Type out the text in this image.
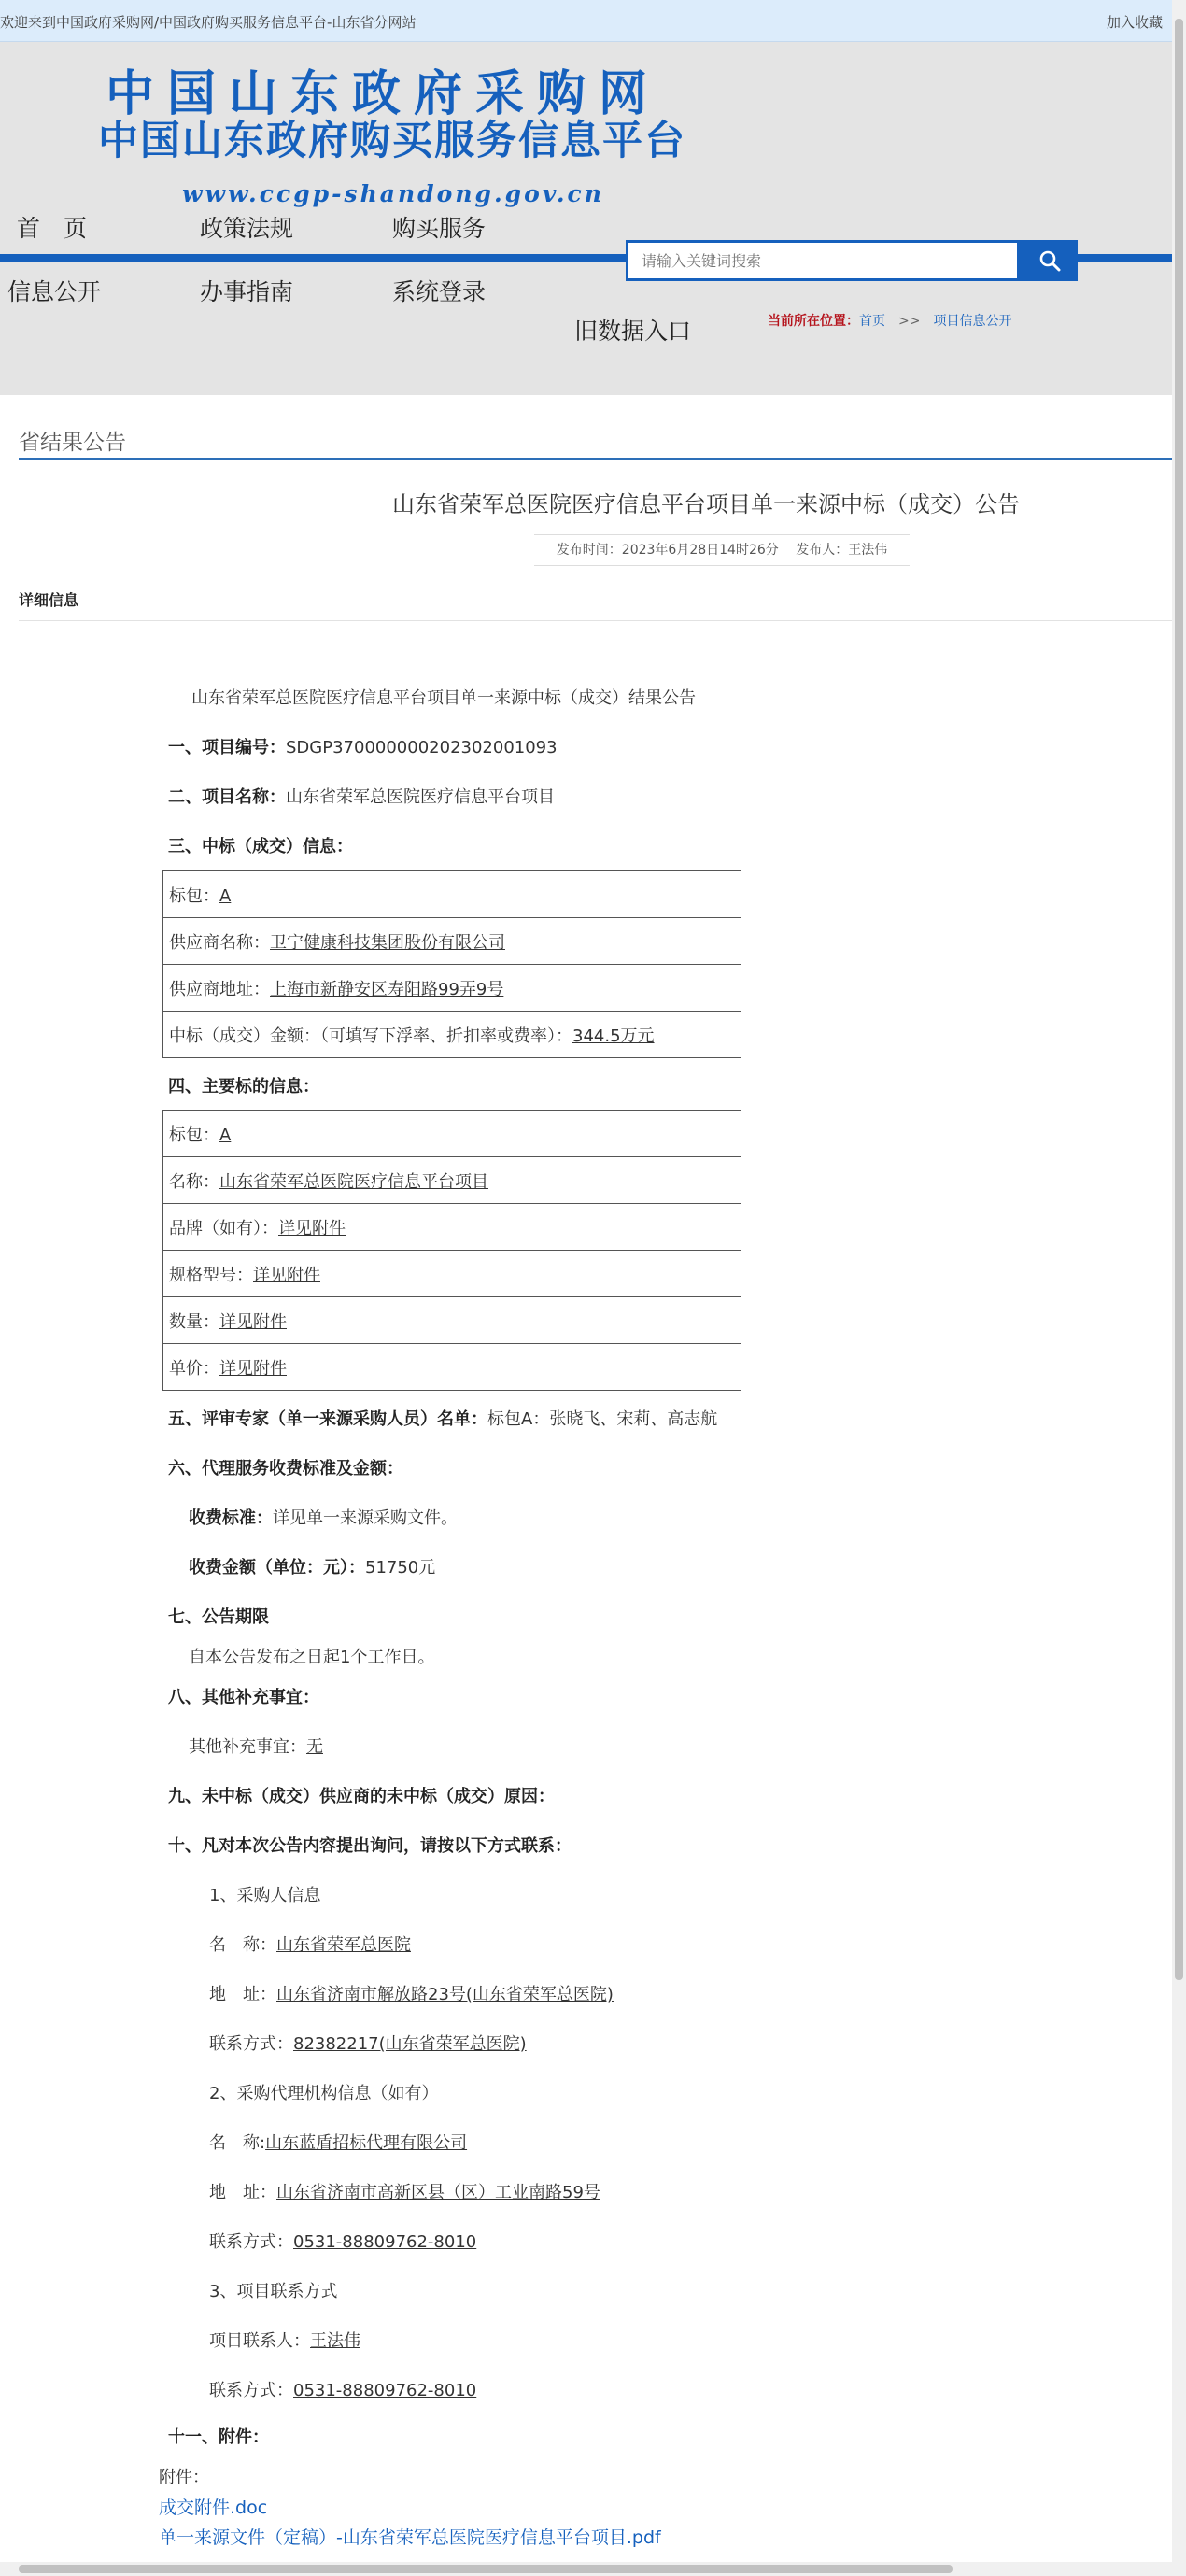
欢迎来到中国政府采购网/中国政府购买服务信息平台-山东省分网站	加入收藏
中国山东政府采购网
中国山东政府购买服务信息平台
www.ccgp-shandong.gov.cn
首　页	政策法规	购买服务
信息公开	办事指南	系统登录
旧数据入口
请输入关键词搜索	当前所在位置：首页 >> 项目信息公开
省结果公告
山东省荣军总医院医疗信息平台项目单一来源中标（成交）公告
发布时间：2023年6月28日14时26分　 发布人：王法伟
详细信息
山东省荣军总医院医疗信息平台项目单一来源中标（成交）结果公告
一、项目编号：SDGP370000000202302001093
二、项目名称：山东省荣军总医院医疗信息平台项目
三、中标（成交）信息：
标包：A
供应商名称：卫宁健康科技集团股份有限公司
供应商地址：上海市新静安区寿阳路99弄9号
中标（成交）金额：（可填写下浮率、折扣率或费率）：344.5万元
四、主要标的信息：
标包：A
名称：山东省荣军总医院医疗信息平台项目
品牌（如有）：详见附件
规格型号：详见附件
数量：详见附件
单价：详见附件
五、评审专家（单一来源采购人员）名单：标包A：张晓飞、宋莉、高志航
六、代理服务收费标准及金额：
收费标准：详见单一来源采购文件。
收费金额（单位：元）：51750元
七、公告期限
自本公告发布之日起1个工作日。
八、其他补充事宜：
其他补充事宜：无
九、未中标（成交）供应商的未中标（成交）原因：
十、凡对本次公告内容提出询问，请按以下方式联系：
1、采购人信息
名　称：山东省荣军总医院
地　址：山东省济南市解放路23号(山东省荣军总医院)
联系方式：82382217(山东省荣军总医院)
2、采购代理机构信息（如有）
名　称:山东蓝盾招标代理有限公司
地　址：山东省济南市高新区县（区）工业南路59号
联系方式：0531-88809762-8010
3、项目联系方式
项目联系人：王法伟
联系方式：0531-88809762-8010
十一、附件：
附件：
成交附件.doc
单一来源文件（定稿）-山东省荣军总医院医疗信息平台项目.pdf
